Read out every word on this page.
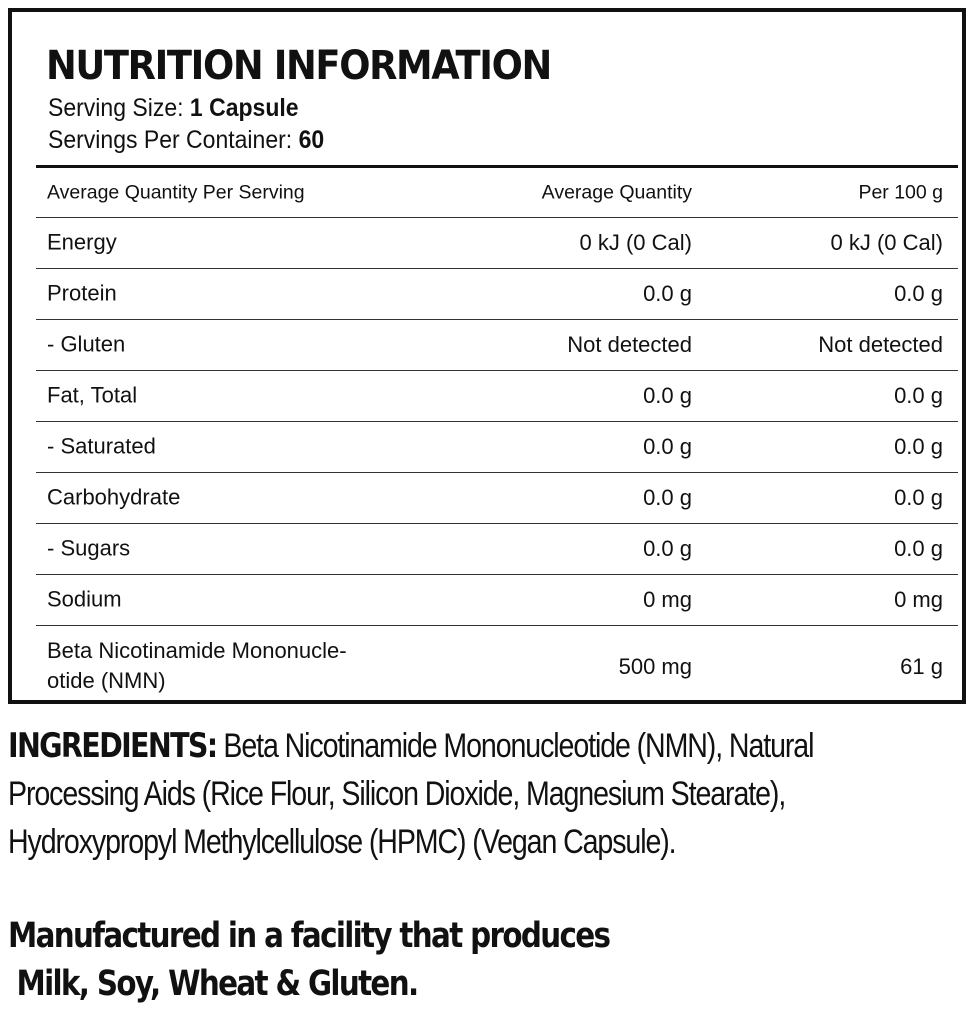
NUTRITION INFORMATION
Serving Size: 1 Capsule
Servings Per Container: 60
Average Quantity Per Serving	Average Quantity	Per 100 g
Energy	0 kJ (0 Cal)	0 kJ (0 Cal)
Protein	0.0 g	0.0 g
- Gluten	Not detected	Not detected
Fat, Total	0.0 g	0.0 g
- Saturated	0.0 g	0.0 g
Carbohydrate	0.0 g	0.0 g
- Sugars	0.0 g	0.0 g
Sodium	0 mg	0 mg
Beta Nicotinamide Mononucle-
otide (NMN)
500 mg	61 g
INGREDIENTS: Beta Nicotinamide Mononucleotide (NMN), Natural Processing Aids (Rice Flour, Silicon Dioxide, Magnesium Stearate), Hydroxypropyl Methylcellulose (HPMC) (Vegan Capsule).
Manufactured in a facility that produces
Milk, Soy, Wheat & Gluten.
